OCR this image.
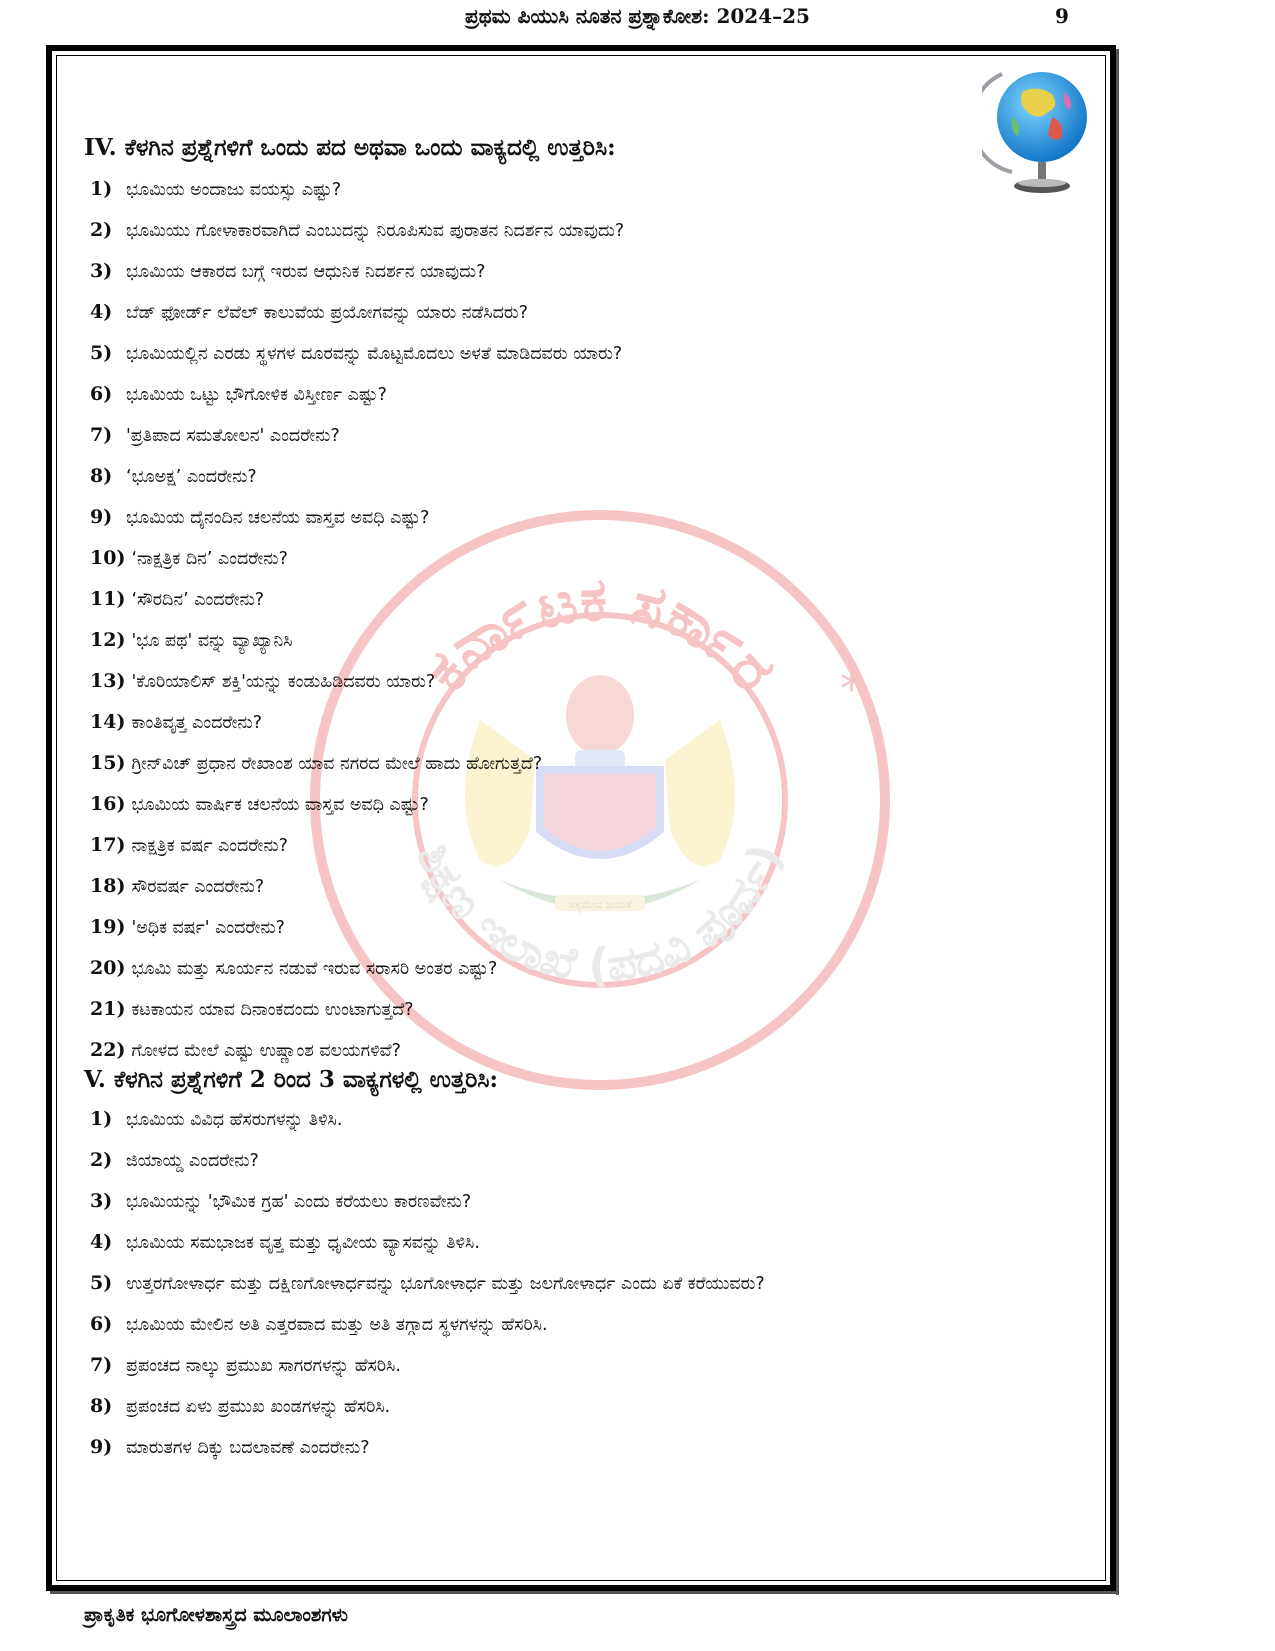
ಪ್ರಥಮ ಪಿಯುಸಿ ನೂತನ ಪ್ರಶ್ನಾಕೋಶ: 2024–25	9
ಕರ್ನಾಟಕ ಸರ್ಕಾರ
ಶಿಕ್ಷಣ ಇಲಾಖೆ (ಪದವಿ ಪೂರ್ವ)
*
ಸತ್ಯಮೇವ ಜಯತೆ
IV. ಕೆಳಗಿನ ಪ್ರಶ್ನೆಗಳಿಗೆ ಒಂದು ಪದ ಅಥವಾ ಒಂದು ವಾಕ್ಯದಲ್ಲಿ ಉತ್ತರಿಸಿ:
1) ಭೂಮಿಯ ಅಂದಾಜು ವಯಸ್ಸು ಎಷ್ಟು?
2) ಭೂಮಿಯು ಗೋಳಾಕಾರವಾಗಿದೆ ಎಂಬುದನ್ನು ನಿರೂಪಿಸುವ ಪುರಾತನ ನಿದರ್ಶನ ಯಾವುದು?
3) ಭೂಮಿಯ ಆಕಾರದ ಬಗ್ಗೆ ಇರುವ ಆಧುನಿಕ ನಿದರ್ಶನ ಯಾವುದು?
4) ಬೆಡ್ ಫೋರ್ಡ್ ಲೆವೆಲ್ ಕಾಲುವೆಯ ಪ್ರಯೋಗವನ್ನು ಯಾರು ನಡೆಸಿದರು?
5) ಭೂಮಿಯಲ್ಲಿನ ಎರಡು ಸ್ಥಳಗಳ ದೂರವನ್ನು ಮೊಟ್ಟಮೊದಲು ಅಳತೆ ಮಾಡಿದವರು ಯಾರು?
6) ಭೂಮಿಯ ಒಟ್ಟು ಭೌಗೋಳಿಕ ವಿಸ್ತೀರ್ಣ ಎಷ್ಟು?
7) 'ಪ್ರತಿಪಾದ ಸಮತೋಲನ' ಎಂದರೇನು?
8) ‘ಭೂಅಕ್ಷ’ ಎಂದರೇನು?
9) ಭೂಮಿಯ ದೈನಂದಿನ ಚಲನೆಯ ವಾಸ್ತವ ಅವಧಿ ಎಷ್ಟು?
10) ‘ನಾಕ್ಷತ್ರಿಕ ದಿನ’ ಎಂದರೇನು?
11) ‘ಸೌರದಿನ’ ಎಂದರೇನು?
12) 'ಭೂ ಪಥ' ವನ್ನು ವ್ಯಾಖ್ಯಾನಿಸಿ
13) 'ಕೊರಿಯಾಲಿಸ್ ಶಕ್ತಿ'ಯನ್ನು ಕಂಡುಹಿಡಿದವರು ಯಾರು?
14) ಕಾಂತಿವೃತ್ತ ಎಂದರೇನು?
15) ಗ್ರೀನ್‌ವಿಚ್ ಪ್ರಧಾನ ರೇಖಾಂಶ ಯಾವ ನಗರದ ಮೇಲೆ ಹಾದು ಹೋಗುತ್ತದೆ?
16) ಭೂಮಿಯ ವಾರ್ಷಿಕ ಚಲನೆಯ ವಾಸ್ತವ ಅವಧಿ ಎಷ್ಟು?
17) ನಾಕ್ಷತ್ರಿಕ ವರ್ಷ ಎಂದರೇನು?
18) ಸೌರವರ್ಷ ಎಂದರೇನು?
19) 'ಅಧಿಕ ವರ್ಷ' ಎಂದರೇನು?
20) ಭೂಮಿ ಮತ್ತು ಸೂರ್ಯನ ನಡುವೆ ಇರುವ ಸರಾಸರಿ ಅಂತರ ಎಷ್ಟು?
21) ಕಟಕಾಯನ ಯಾವ ದಿನಾಂಕದಂದು ಉಂಟಾಗುತ್ತದೆ?
22) ಗೋಳದ ಮೇಲೆ ಎಷ್ಟು ಉಷ್ಣಾಂಶ ವಲಯಗಳಿವೆ?
V. ಕೆಳಗಿನ ಪ್ರಶ್ನೆಗಳಿಗೆ 2 ರಿಂದ 3 ವಾಕ್ಯಗಳಲ್ಲಿ ಉತ್ತರಿಸಿ:
1) ಭೂಮಿಯ ವಿವಿಧ ಹೆಸರುಗಳನ್ನು ತಿಳಿಸಿ.
2) ಜಿಯಾಯ್ಡ ಎಂದರೇನು?
3) ಭೂಮಿಯನ್ನು 'ಭೌಮಿಕ ಗ್ರಹ' ಎಂದು ಕರೆಯಲು ಕಾರಣವೇನು?
4) ಭೂಮಿಯ ಸಮಭಾಜಕ ವೃತ್ತ ಮತ್ತು ಧೃವೀಯ ವ್ಯಾಸವನ್ನು ತಿಳಿಸಿ.
5) ಉತ್ತರಗೋಳಾರ್ಧ ಮತ್ತು ದಕ್ಷಿಣಗೋಳಾರ್ಧವನ್ನು ಭೂಗೋಳಾರ್ಧ ಮತ್ತು ಜಲಗೋಳಾರ್ಧ ಎಂದು ಏಕೆ ಕರೆಯುವರು?
6) ಭೂಮಿಯ ಮೇಲಿನ ಅತಿ ಎತ್ತರವಾದ ಮತ್ತು ಅತಿ ತಗ್ಗಾದ ಸ್ಥಳಗಳನ್ನು ಹೆಸರಿಸಿ.
7) ಪ್ರಪಂಚದ ನಾಲ್ಕು ಪ್ರಮುಖ ಸಾಗರಗಳನ್ನು ಹೆಸರಿಸಿ.
8) ಪ್ರಪಂಚದ ಏಳು ಪ್ರಮುಖ ಖಂಡಗಳನ್ನು ಹೆಸರಿಸಿ.
9) ಮಾರುತಗಳ ದಿಕ್ಕು ಬದಲಾವಣೆ ಎಂದರೇನು?
ಪ್ರಾಕೃತಿಕ ಭೂಗೋಳಶಾಸ್ತ್ರದ ಮೂಲಾಂಶಗಳು
